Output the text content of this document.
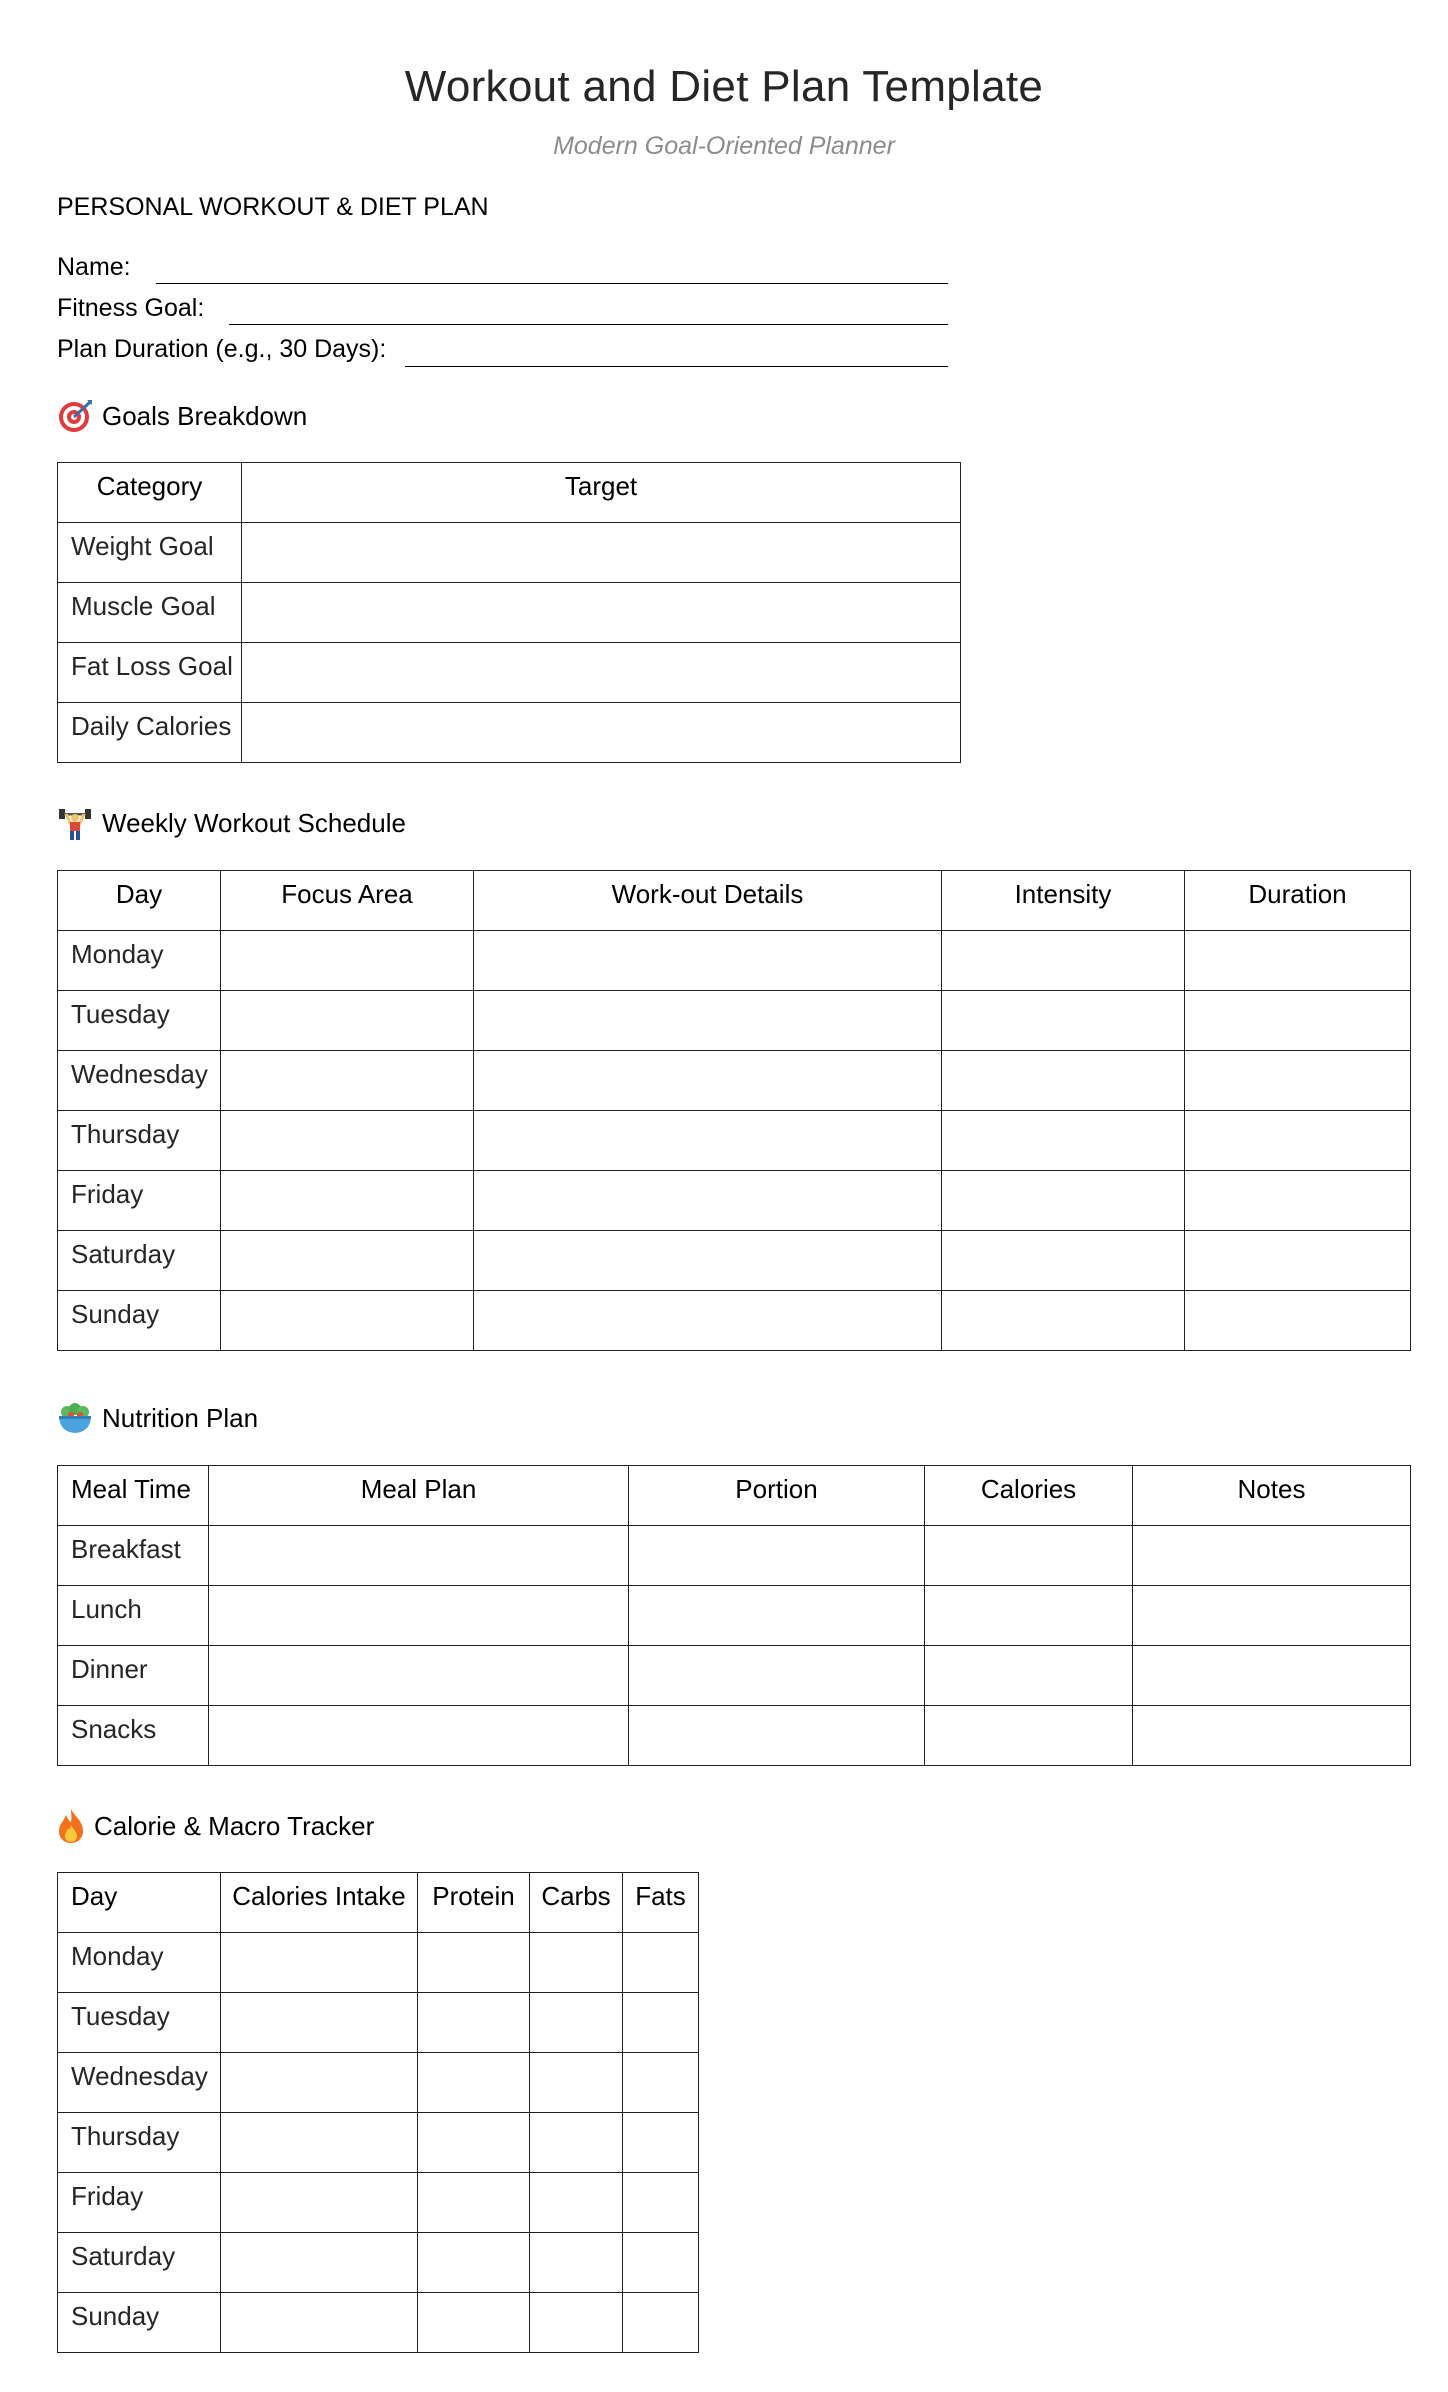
Workout and Diet Plan Template
Modern Goal-Oriented Planner
PERSONAL WORKOUT & DIET PLAN
Name:
Fitness Goal:
Plan Duration (e.g., 30 Days):
Goals Breakdown
Category	Target
Weight Goal	
Muscle Goal	
Fat Loss Goal	
Daily Calories	
Weekly Workout Schedule
Day	Focus Area	Work-out Details	Intensity	Duration
Monday				
Tuesday				
Wednesday				
Thursday				
Friday				
Saturday				
Sunday				
Nutrition Plan
Meal Time	Meal Plan	Portion	Calories	Notes
Breakfast				
Lunch				
Dinner				
Snacks				
Calorie & Macro Tracker
Day	Calories Intake	Protein	Carbs	Fats
Monday				
Tuesday				
Wednesday				
Thursday				
Friday				
Saturday				
Sunday				
